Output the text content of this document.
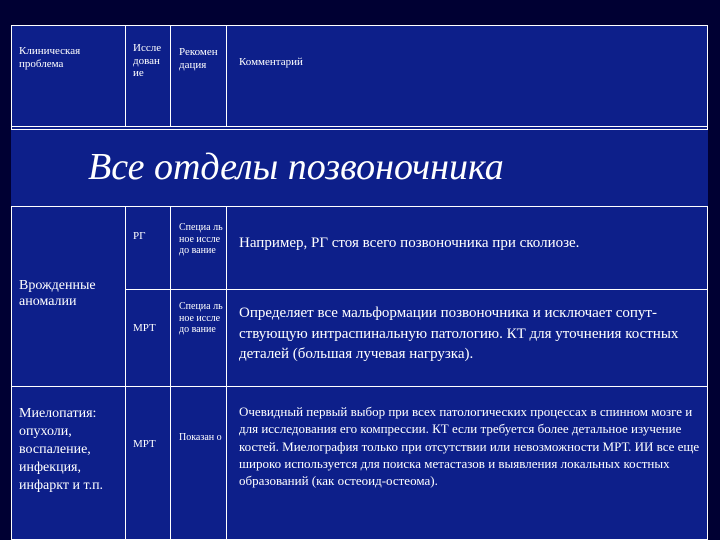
Клиническая проблема
Иссле дован ие
Рекомен дация	Комментарий
Все отделы позвоночника
Врожденные аномалии
РГ
Специа льное исследо вание	Например, РГ стоя всего позвоночника при сколиозе.
МРТ
Специа льное исследо вание
Определяет все мальформации позвоночника и исключает сопут-ствующую интраспинальную патологию. КТ для уточнения костных деталей (большая лучевая нагрузка).
Миелопатия: опухоли, воспаление, инфекция, инфаркт и т.п.
МРТ
Показан о
Очевидный первый выбор при всех патологических процессах в спинном мозге и для исследования его компрессии. КТ если требуется более детальное изучение костей. Миелография только при отсутствии или невозможности МРТ. ИИ все еще широко используется для поиска метастазов и выявления локальных костных образований (как остеоид-остеома).
